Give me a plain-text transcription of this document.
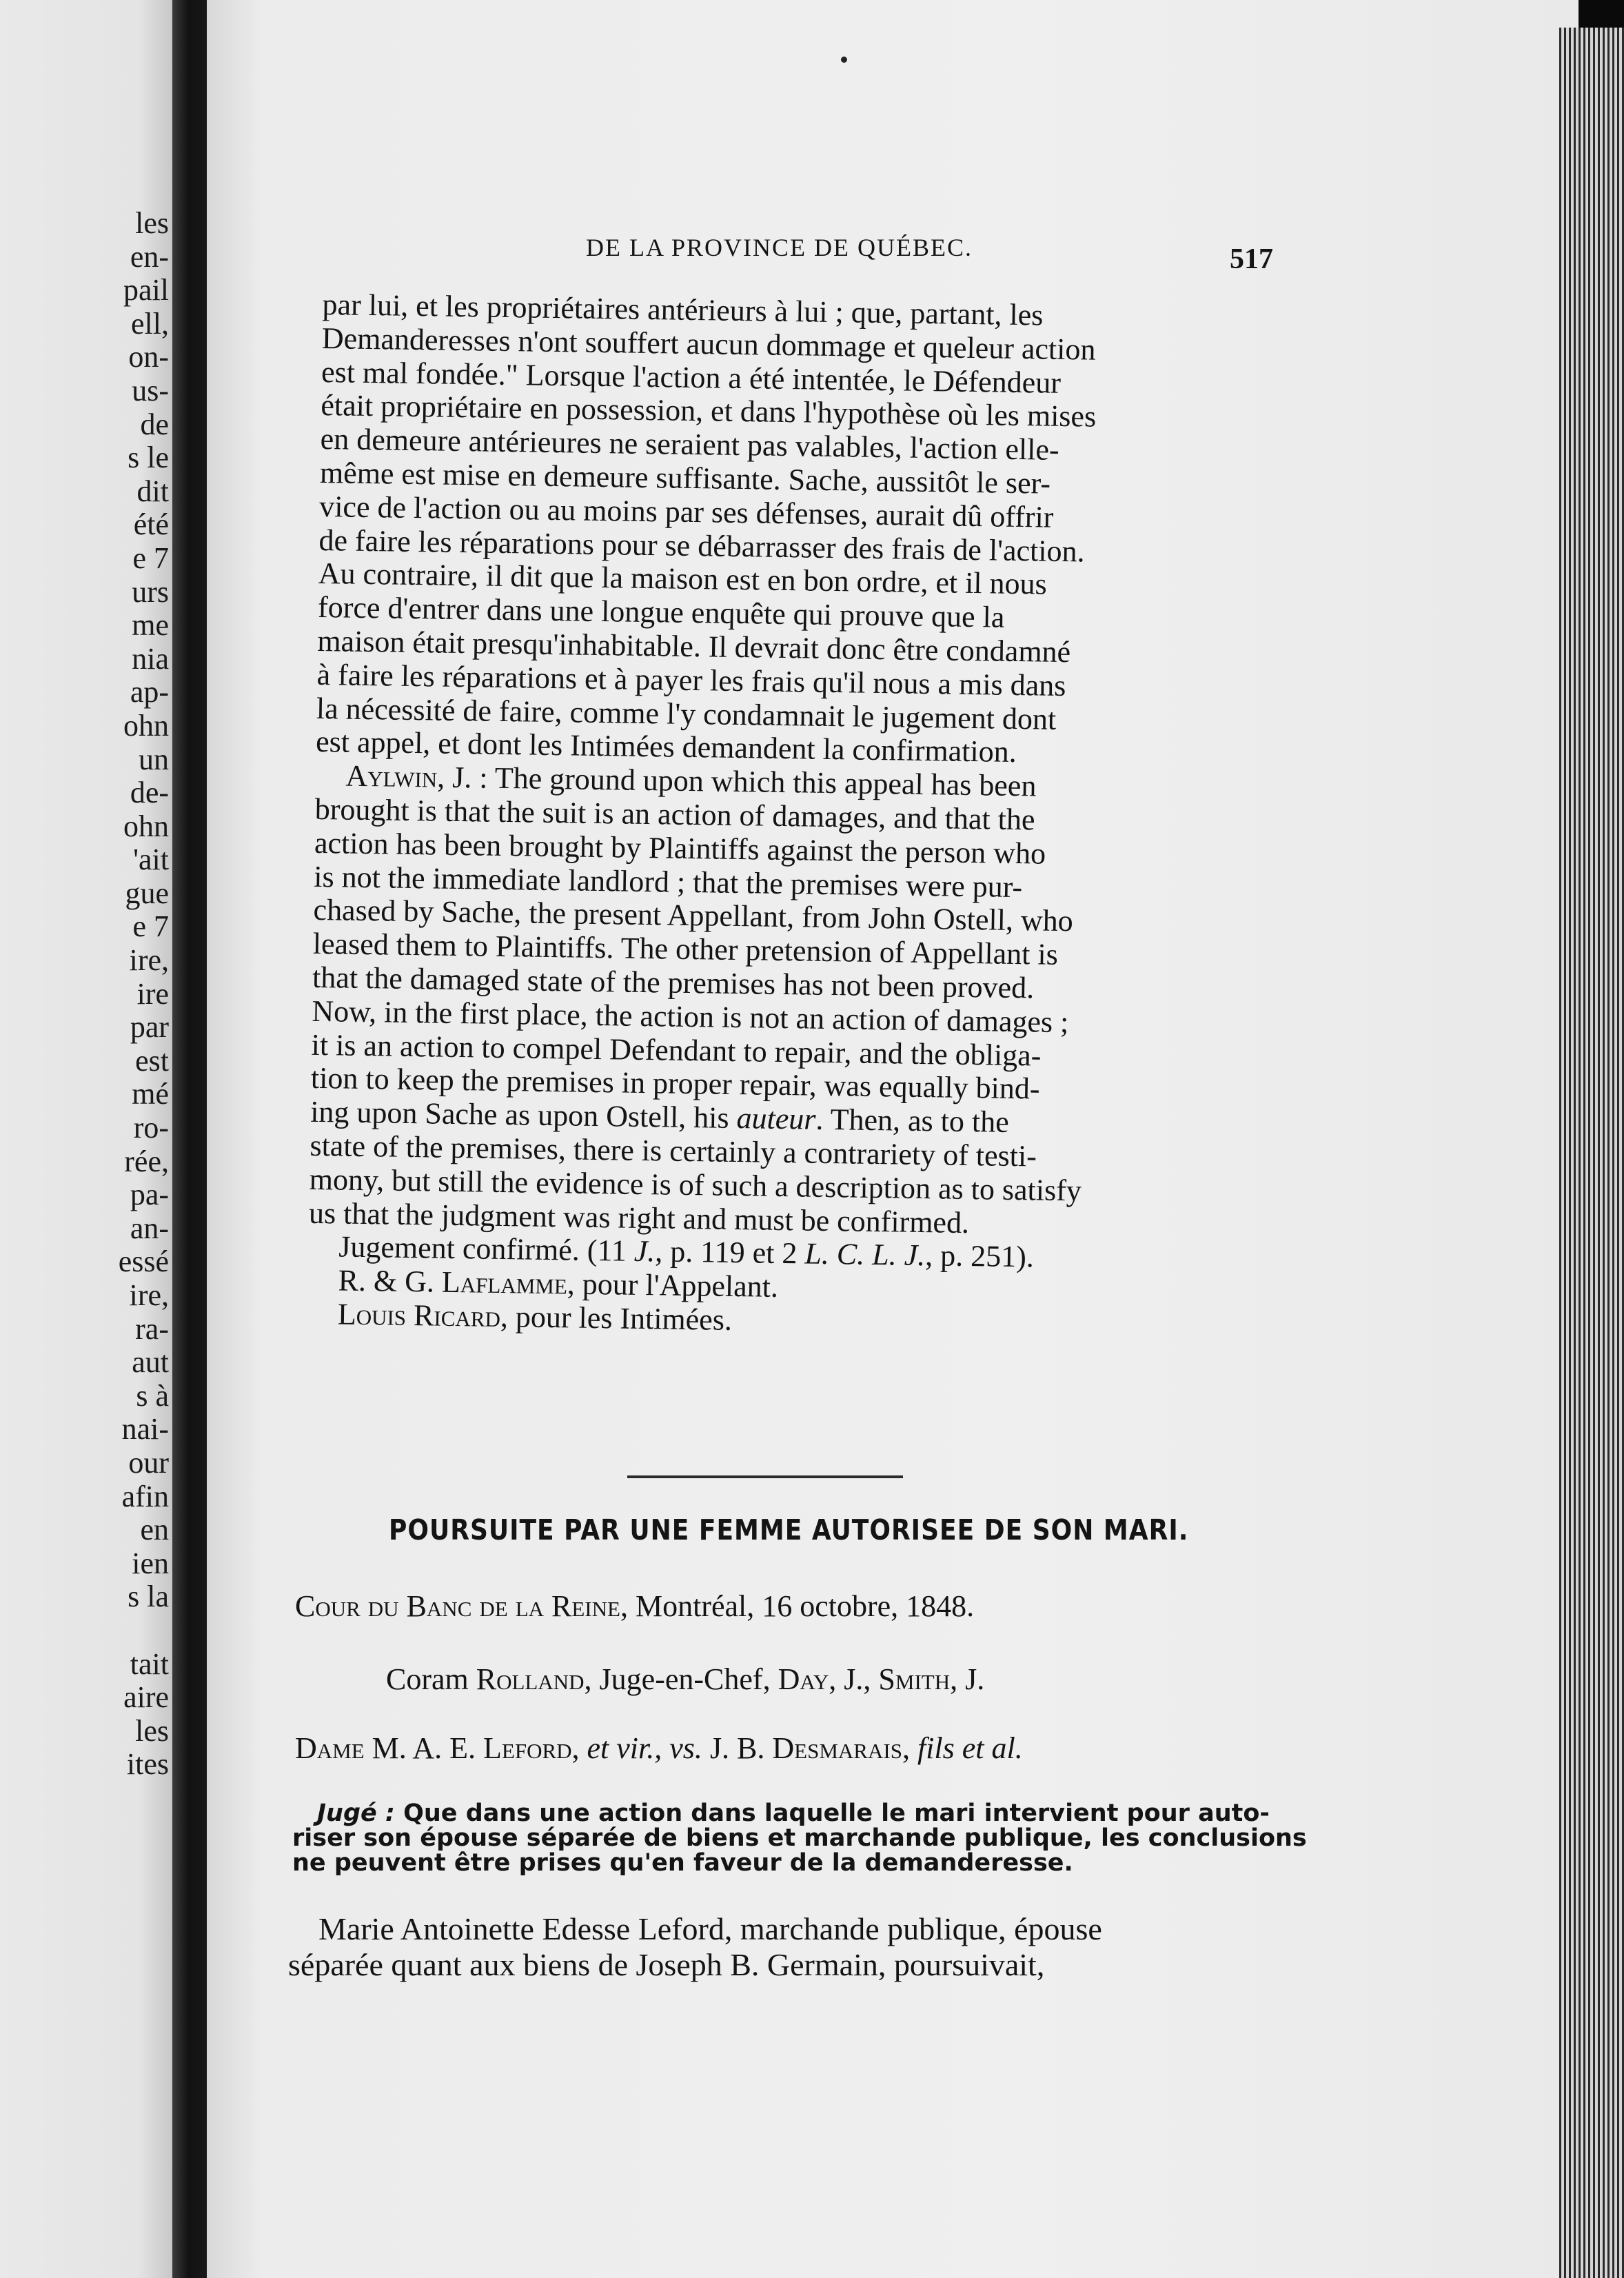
les
en-
pail
ell,
on-
us-
de
s le
dit
été
e 7
urs
me
nia
ap-
ohn
un
de-
ohn
'ait
gue
e 7
ire,
ire
par
est
mé
ro-
rée,
pa-
an-
essé
ire,
ra-
aut
s à
nai-
our
afin
en
ien
s la

tait
aire
les
ites
DE LA PROVINCE DE QUÉBEC.	517
par lui, et les propriétaires antérieurs à lui ; que, partant, les
Demanderesses n'ont souffert aucun dommage et queleur action
est mal fondée." Lorsque l'action a été intentée, le Défendeur
était propriétaire en possession, et dans l'hypothèse où les mises
en demeure antérieures ne seraient pas valables, l'action elle-
même est mise en demeure suffisante. Sache, aussitôt le ser-
vice de l'action ou au moins par ses défenses, aurait dû offrir
de faire les réparations pour se débarrasser des frais de l'action.
Au contraire, il dit que la maison est en bon ordre, et il nous
force d'entrer dans une longue enquête qui prouve que la
maison était presqu'inhabitable. Il devrait donc être condamné
à faire les réparations et à payer les frais qu'il nous a mis dans
la nécessité de faire, comme l'y condamnait le jugement dont
est appel, et dont les Intimées demandent la confirmation.
Aylwin, J. : The ground upon which this appeal has been
brought is that the suit is an action of damages, and that the
action has been brought by Plaintiffs against the person who
is not the immediate landlord ; that the premises were pur-
chased by Sache, the present Appellant, from John Ostell, who
leased them to Plaintiffs. The other pretension of Appellant is
that the damaged state of the premises has not been proved.
Now, in the first place, the action is not an action of damages ;
it is an action to compel Defendant to repair, and the obliga-
tion to keep the premises in proper repair, was equally bind-
ing upon Sache as upon Ostell, his auteur. Then, as to the
state of the premises, there is certainly a contrariety of testi-
mony, but still the evidence is of such a description as to satisfy
us that the judgment was right and must be confirmed.
Jugement confirmé. (11 J., p. 119 et 2 L. C. L. J., p. 251).
R. & G. Laflamme, pour l'Appelant.
Louis Ricard, pour les Intimées.
POURSUITE PAR UNE FEMME AUTORISEE DE SON MARI.
Cour du Banc de la Reine, Montréal, 16 octobre, 1848.
Coram Rolland, Juge-en-Chef, Day, J., Smith, J.
Dame M. A. E. Leford, et vir., vs. J. B. Desmarais, fils et al.
Jugé : Que dans une action dans laquelle le mari intervient pour auto-
riser son épouse séparée de biens et marchande publique, les conclusions
ne peuvent être prises qu'en faveur de la demanderesse.
Marie Antoinette Edesse Leford, marchande publique, épouse
séparée quant aux biens de Joseph B. Germain, poursuivait,
